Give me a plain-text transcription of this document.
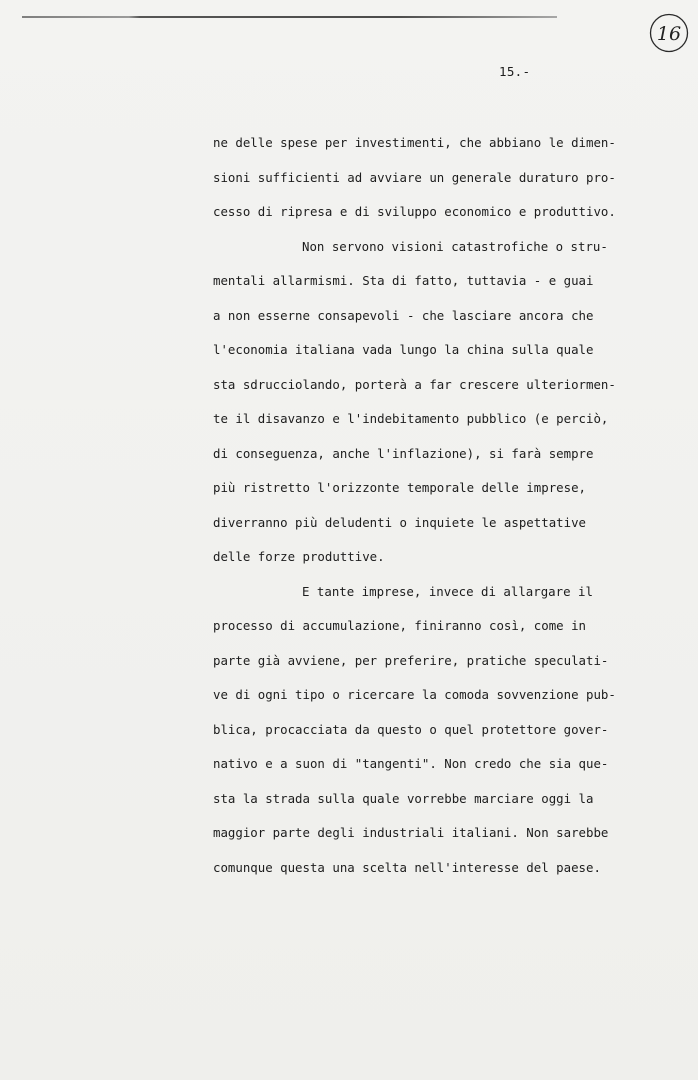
16
15.-
ne delle spese per investimenti, che abbiano le dimen-
sioni sufficienti ad avviare un generale duraturo pro-
cesso di ripresa e di sviluppo economico e produttivo.
Non servono visioni catastrofiche o stru-
mentali allarmismi. Sta di fatto, tuttavia - e guai
a non esserne consapevoli - che lasciare ancora che
l'economia italiana vada lungo la china sulla quale
sta sdrucciolando, porterà a far crescere ulteriormen-
te il disavanzo e l'indebitamento pubblico (e perciò,
di conseguenza, anche l'inflazione), si farà sempre
più ristretto l'orizzonte temporale delle imprese,
diverranno più deludenti o inquiete le aspettative
delle forze produttive.
E tante imprese, invece di allargare il
processo di accumulazione, finiranno così, come in
parte già avviene, per preferire, pratiche speculati-
ve di ogni tipo o ricercare la comoda sovvenzione pub-
blica, procacciata da questo o quel protettore gover-
nativo e a suon di "tangenti". Non credo che sia que-
sta la strada sulla quale vorrebbe marciare oggi la
maggior parte degli industriali italiani. Non sarebbe
comunque questa una scelta nell'interesse del paese.
